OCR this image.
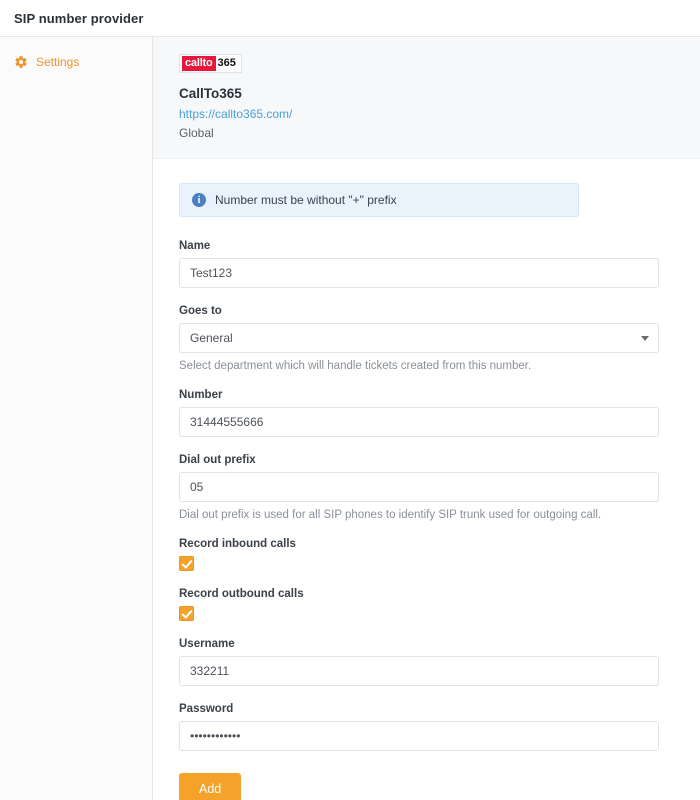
SIP number provider
Settings	callto 365
CallTo365
https://callto365.com/
Global
i	Number must be without "+" prefix
Name
Test123
Goes to
General
Select department which will handle tickets created from this number.
Number
31444555666
Dial out prefix
05
Dial out prefix is used for all SIP phones to identify SIP trunk used for outgoing call.
Record inbound calls
Record outbound calls
Username
332211
Password
••••••••••••
Add
